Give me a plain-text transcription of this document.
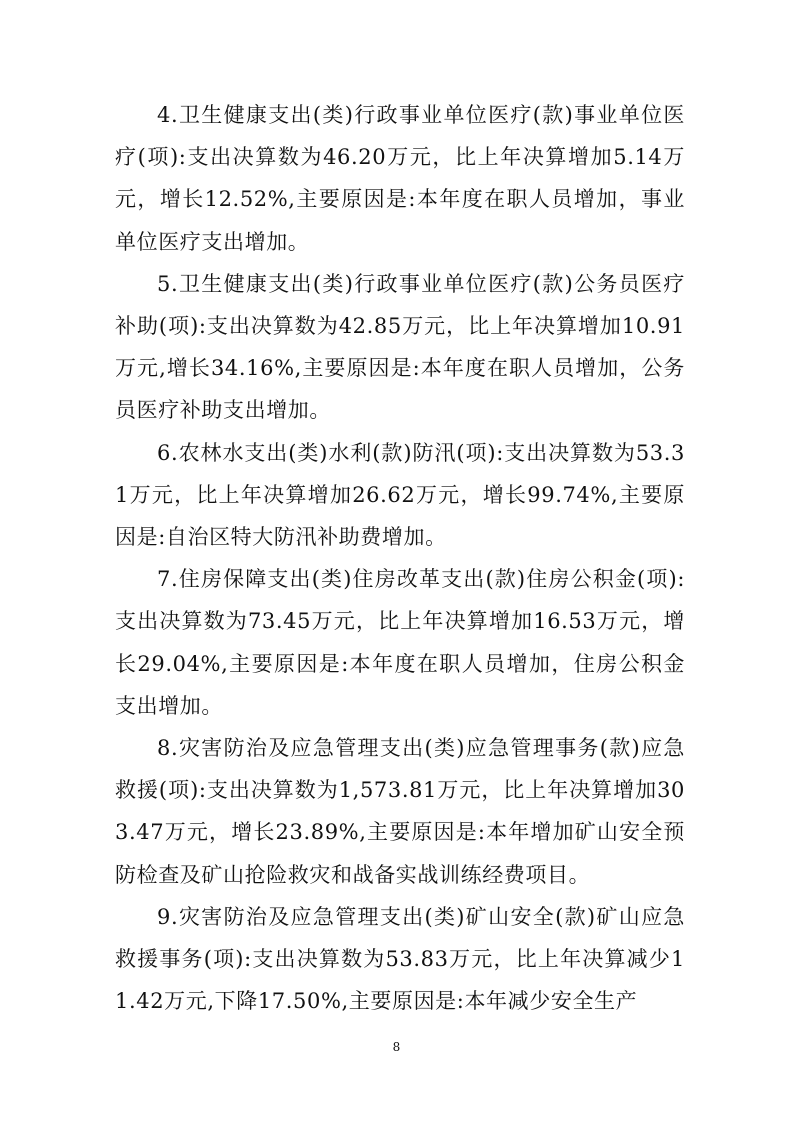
4.卫生健康支出(类)行政事业单位医疗(款)事业单位医疗(项):支出决算数为46.20万元，比上年决算增加5.14万元，增长12.52%,主要原因是:本年度在职人员增加，事业单位医疗支出增加。

5.卫生健康支出(类)行政事业单位医疗(款)公务员医疗补助(项):支出决算数为42.85万元，比上年决算增加10.91万元,增长34.16%,主要原因是:本年度在职人员增加，公务员医疗补助支出增加。

6.农林水支出(类)水利(款)防汛(项):支出决算数为53.31万元，比上年决算增加26.62万元，增长99.74%,主要原因是:自治区特大防汛补助费增加。

7.住房保障支出(类)住房改革支出(款)住房公积金(项):支出决算数为73.45万元，比上年决算增加16.53万元，增长29.04%,主要原因是:本年度在职人员增加，住房公积金支出增加。

8.灾害防治及应急管理支出(类)应急管理事务(款)应急救援(项):支出决算数为1,573.81万元，比上年决算增加303.47万元，增长23.89%,主要原因是:本年增加矿山安全预防检查及矿山抢险救灾和战备实战训练经费项目。

9.灾害防治及应急管理支出(类)矿山安全(款)矿山应急救援事务(项):支出决算数为53.83万元，比上年决算减少11.42万元,下降17.50%,主要原因是:本年减少安全生产

8
